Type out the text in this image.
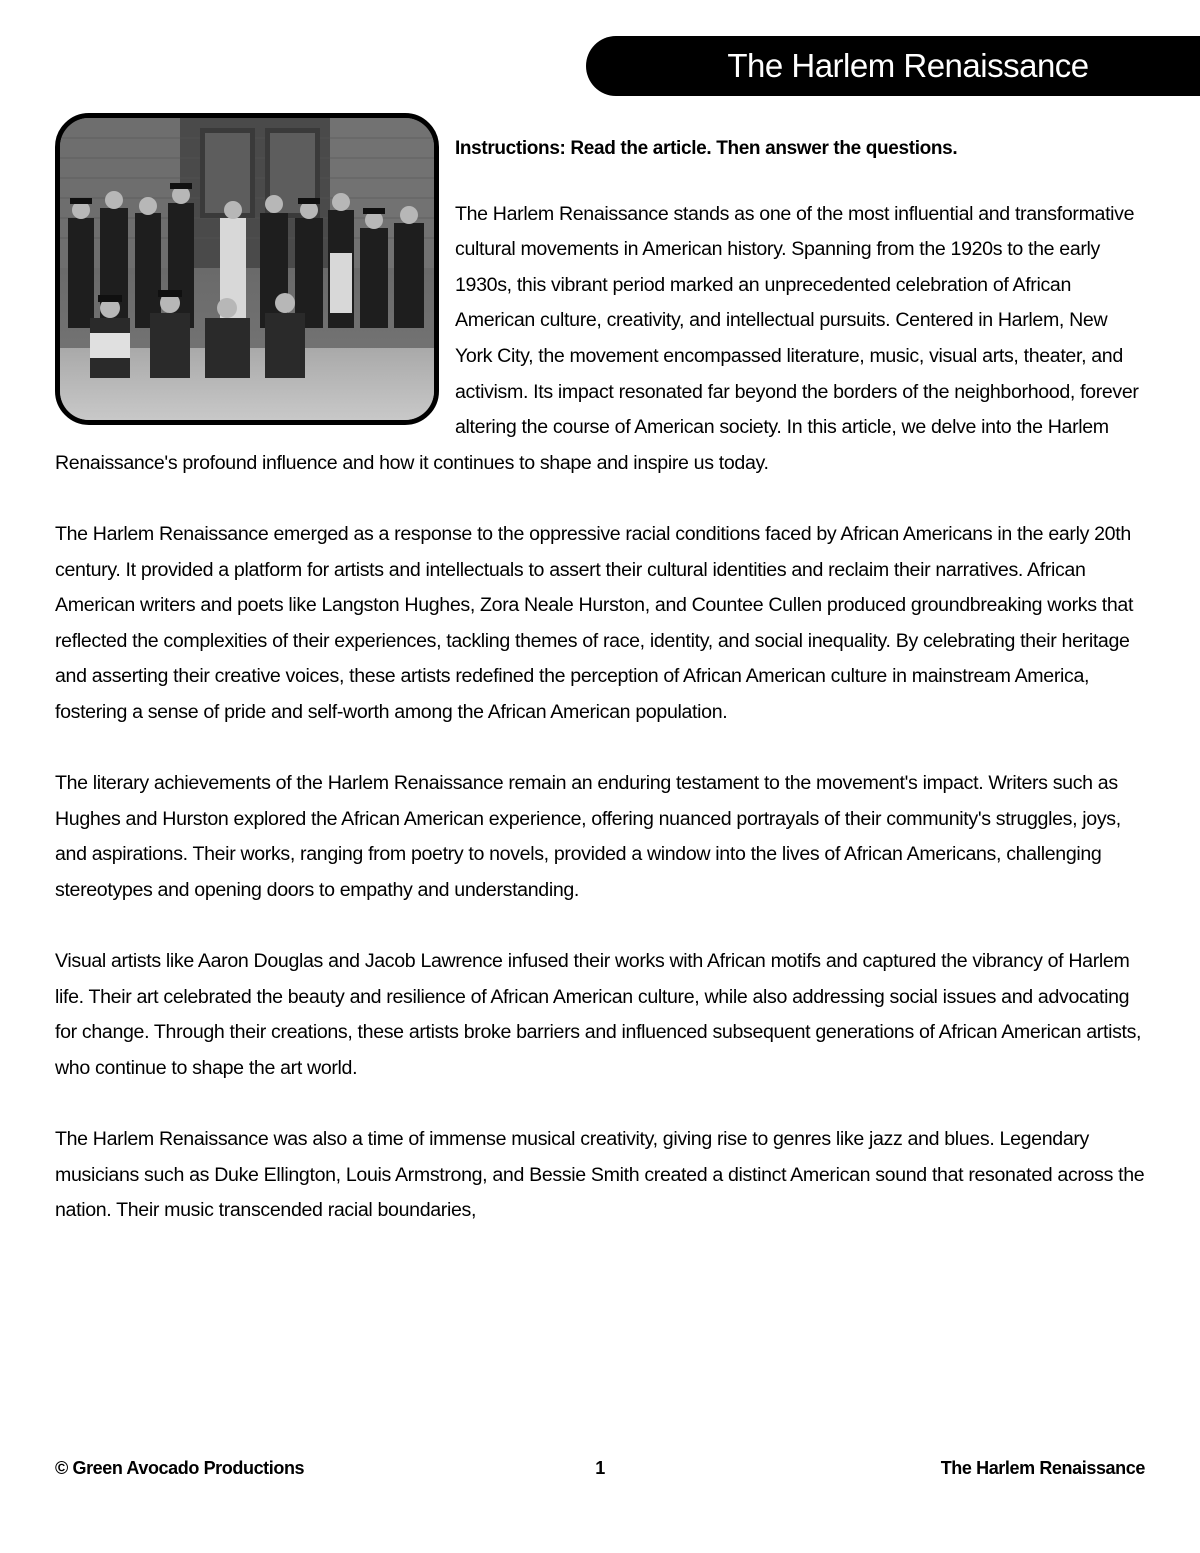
The Harlem Renaissance

Instructions: Read the article. Then answer the questions.

The Harlem Renaissance stands as one of the most influential and transformative cultural movements in American history. Spanning from the 1920s to the early 1930s, this vibrant period marked an unprecedented celebration of African American culture, creativity, and intellectual pursuits. Centered in Harlem, New York City, the movement encompassed literature, music, visual arts, theater, and activism. Its impact resonated far beyond the borders of the neighborhood, forever altering the course of American society. In this article, we delve into the Harlem Renaissance's profound influence and how it continues to shape and inspire us today.

The Harlem Renaissance emerged as a response to the oppressive racial conditions faced by African Americans in the early 20th century. It provided a platform for artists and intellectuals to assert their cultural identities and reclaim their narratives. African American writers and poets like Langston Hughes, Zora Neale Hurston, and Countee Cullen produced groundbreaking works that reflected the complexities of their experiences, tackling themes of race, identity, and social inequality. By celebrating their heritage and asserting their creative voices, these artists redefined the perception of African American culture in mainstream America, fostering a sense of pride and self-worth among the African American population.

The literary achievements of the Harlem Renaissance remain an enduring testament to the movement's impact. Writers such as Hughes and Hurston explored the African American experience, offering nuanced portrayals of their community's struggles, joys, and aspirations. Their works, ranging from poetry to novels, provided a window into the lives of African Americans, challenging stereotypes and opening doors to empathy and understanding.

Visual artists like Aaron Douglas and Jacob Lawrence infused their works with African motifs and captured the vibrancy of Harlem life. Their art celebrated the beauty and resilience of African American culture, while also addressing social issues and advocating for change. Through their creations, these artists broke barriers and influenced subsequent generations of African American artists, who continue to shape the art world.

The Harlem Renaissance was also a time of immense musical creativity, giving rise to genres like jazz and blues. Legendary musicians such as Duke Ellington, Louis Armstrong, and Bessie Smith created a distinct American sound that resonated across the nation. Their music transcended racial boundaries,

© Green Avocado Productions	1	The Harlem Renaissance
